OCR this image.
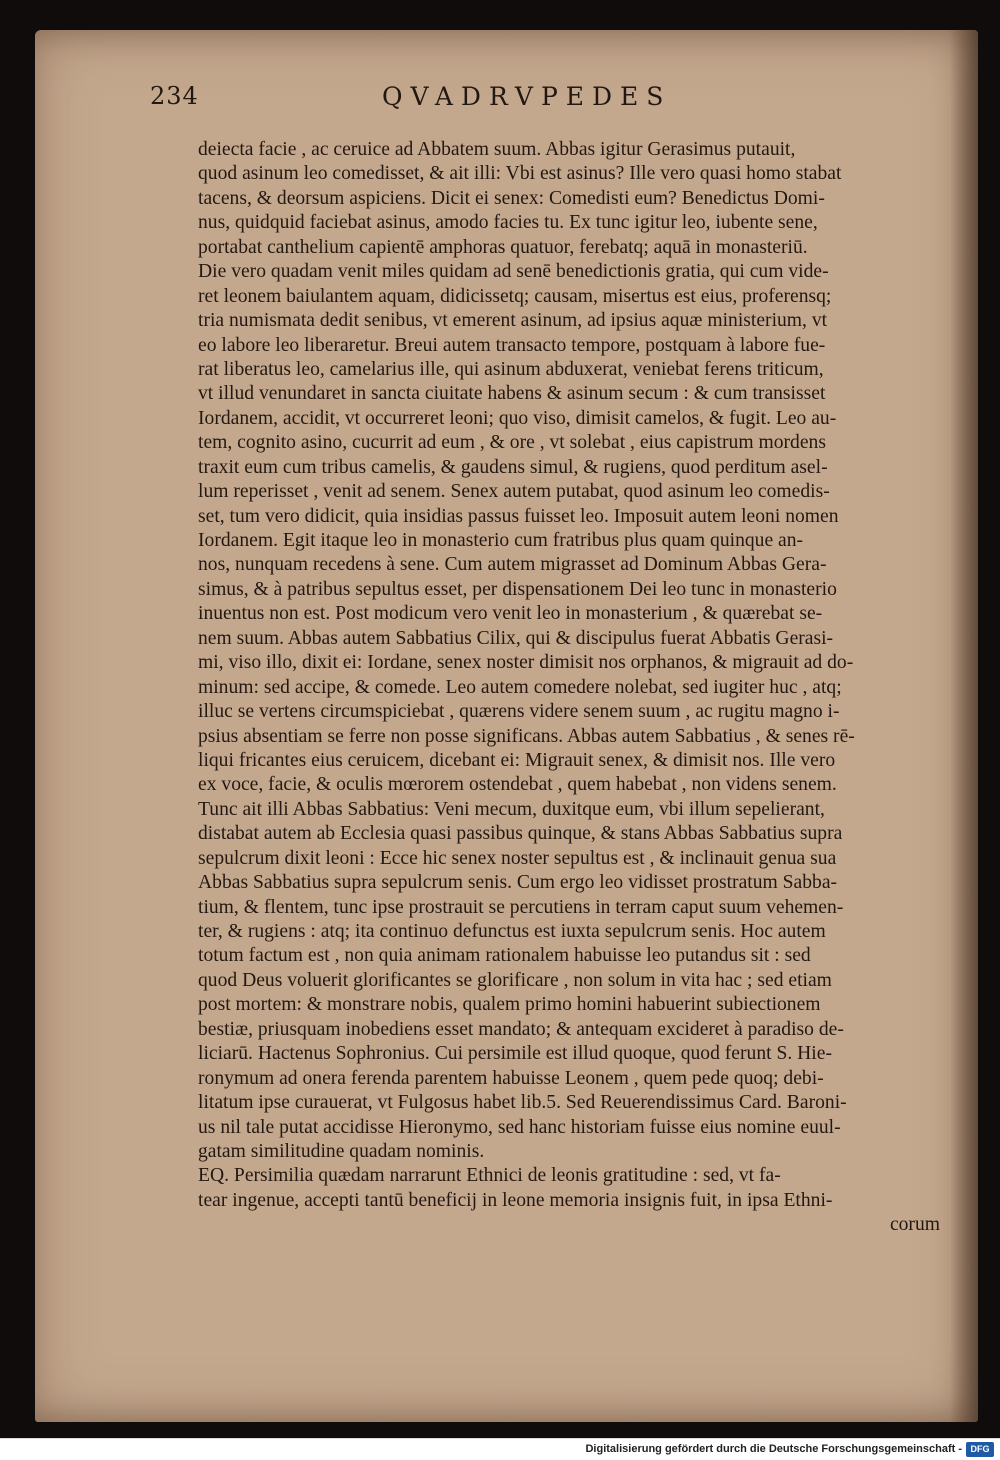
234	QVADRVPEDES
deiecta facie , ac ceruice ad Abbatem suum. Abbas igitur Gerasimus putauit,
quod asinum leo comedisset, & ait illi: Vbi est asinus? Ille vero quasi homo stabat
tacens, & deorsum aspiciens. Dicit ei senex: Comedisti eum? Benedictus Domi-
nus, quidquid faciebat asinus, amodo facies tu. Ex tunc igitur leo, iubente sene,
portabat canthelium capientē amphoras quatuor, ferebatq; aquā in monasteriū.
Die vero quadam venit miles quidam ad senē benedictionis gratia, qui cum vide-
ret leonem baiulantem aquam, didicissetq; causam, misertus est eius, proferensq;
tria numismata dedit senibus, vt emerent asinum, ad ipsius aquæ ministerium, vt
eo labore leo liberaretur. Breui autem transacto tempore, postquam à labore fue-
rat liberatus leo, camelarius ille, qui asinum abduxerat, veniebat ferens triticum,
vt illud venundaret in sancta ciuitate habens & asinum secum : & cum transisset
Iordanem, accidit, vt occurreret leoni; quo viso, dimisit camelos, & fugit. Leo au-
tem, cognito asino, cucurrit ad eum , & ore , vt solebat , eius capistrum mordens
traxit eum cum tribus camelis, & gaudens simul, & rugiens, quod perditum asel-
lum reperisset , venit ad senem. Senex autem putabat, quod asinum leo comedis-
set, tum vero didicit, quia insidias passus fuisset leo. Imposuit autem leoni nomen
Iordanem. Egit itaque leo in monasterio cum fratribus plus quam quinque an-
nos, nunquam recedens à sene. Cum autem migrasset ad Dominum Abbas Gera-
simus, & à patribus sepultus esset, per dispensationem Dei leo tunc in monasterio
inuentus non est. Post modicum vero venit leo in monasterium , & quærebat se-
nem suum. Abbas autem Sabbatius Cilix, qui & discipulus fuerat Abbatis Gerasi-
mi, viso illo, dixit ei: Iordane, senex noster dimisit nos orphanos, & migrauit ad do-
minum: sed accipe, & comede. Leo autem comedere nolebat, sed iugiter huc , atq;
illuc se vertens circumspiciebat , quærens videre senem suum , ac rugitu magno i-
psius absentiam se ferre non posse significans. Abbas autem Sabbatius , & senes rē-
liqui fricantes eius ceruicem, dicebant ei: Migrauit senex, & dimisit nos. Ille vero
ex voce, facie, & oculis mœrorem ostendebat , quem habebat , non videns senem.
Tunc ait illi Abbas Sabbatius: Veni mecum, duxitque eum, vbi illum sepelierant,
distabat autem ab Ecclesia quasi passibus quinque, & stans Abbas Sabbatius supra
sepulcrum dixit leoni : Ecce hic senex noster sepultus est , & inclinauit genua sua
Abbas Sabbatius supra sepulcrum senis. Cum ergo leo vidisset prostratum Sabba-
tium, & flentem, tunc ipse prostrauit se percutiens in terram caput suum vehemen-
ter, & rugiens : atq; ita continuo defunctus est iuxta sepulcrum senis. Hoc autem
totum factum est , non quia animam rationalem habuisse leo putandus sit : sed
quod Deus voluerit glorificantes se glorificare , non solum in vita hac ; sed etiam
post mortem: & monstrare nobis, qualem primo homini habuerint subiectionem
bestiæ, priusquam inobediens esset mandato; & antequam excideret à paradiso de-
liciarū. Hactenus Sophronius. Cui persimile est illud quoque, quod ferunt S. Hie-
ronymum ad onera ferenda parentem habuisse Leonem , quem pede quoq; debi-
litatum ipse curauerat, vt Fulgosus habet lib.5. Sed Reuerendissimus Card. Baroni-
us nil tale putat accidisse Hieronymo, sed hanc historiam fuisse eius nomine euul-
gatam similitudine quadam nominis.
EQ. Persimilia quædam narrarunt Ethnici de leonis gratitudine : sed, vt fa-
tear ingenue, accepti tantū beneficij in leone memoria insignis fuit, in ipsa Ethni-
corum
Digitalisierung gefördert durch die Deutsche Forschungsgemeinschaft - DFG
